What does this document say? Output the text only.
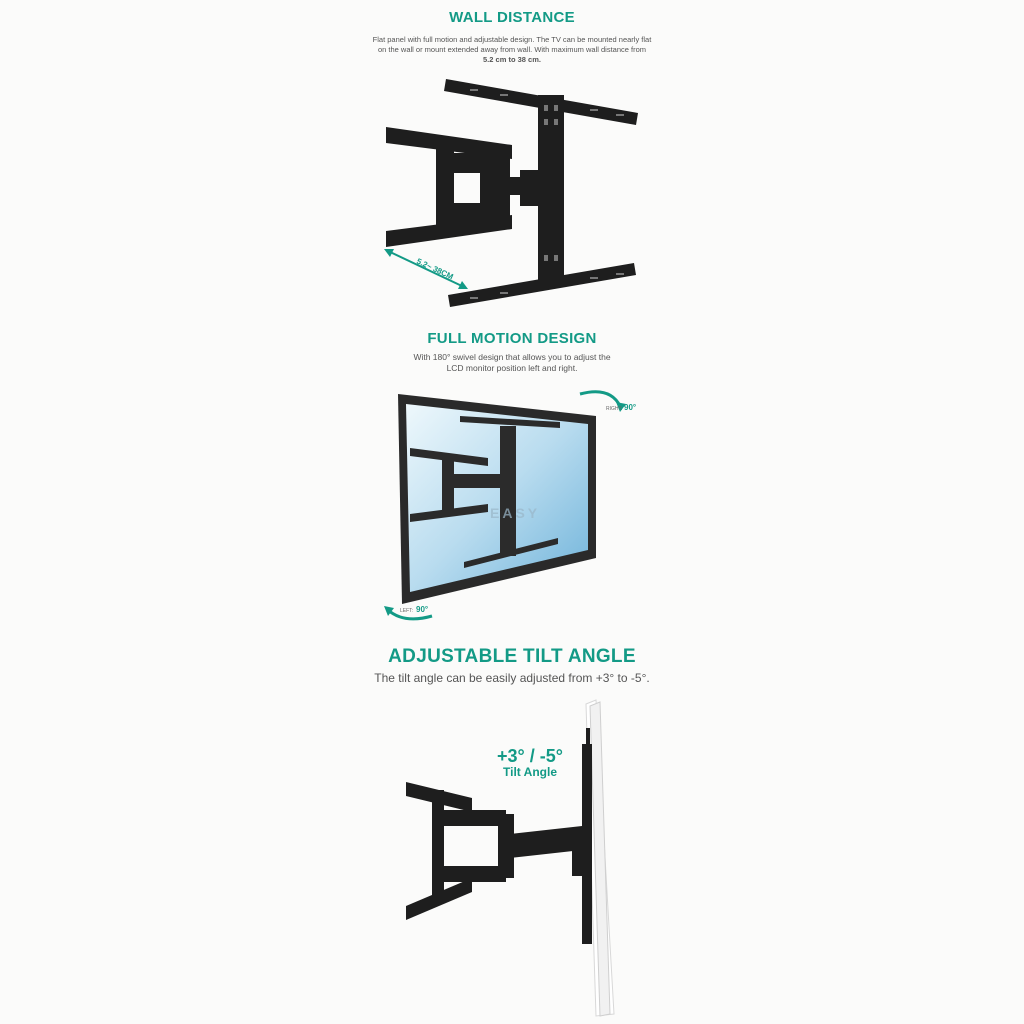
WALL DISTANCE
Flat panel with full motion and adjustable design. The TV can be mounted nearly flat
on the wall or mount extended away from wall. With maximum wall distance from
5.2 cm to 38 cm.
5.2~ 38CM
FULL MOTION DESIGN
With 180° swivel design that allows you to adjust the
LCD monitor position left and right.
EASY
RIGHT: 90°
LEFT: 90°
ADJUSTABLE TILT ANGLE
The tilt angle can be easily adjusted from +3° to -5°.
+3° / -5°
Tilt Angle
